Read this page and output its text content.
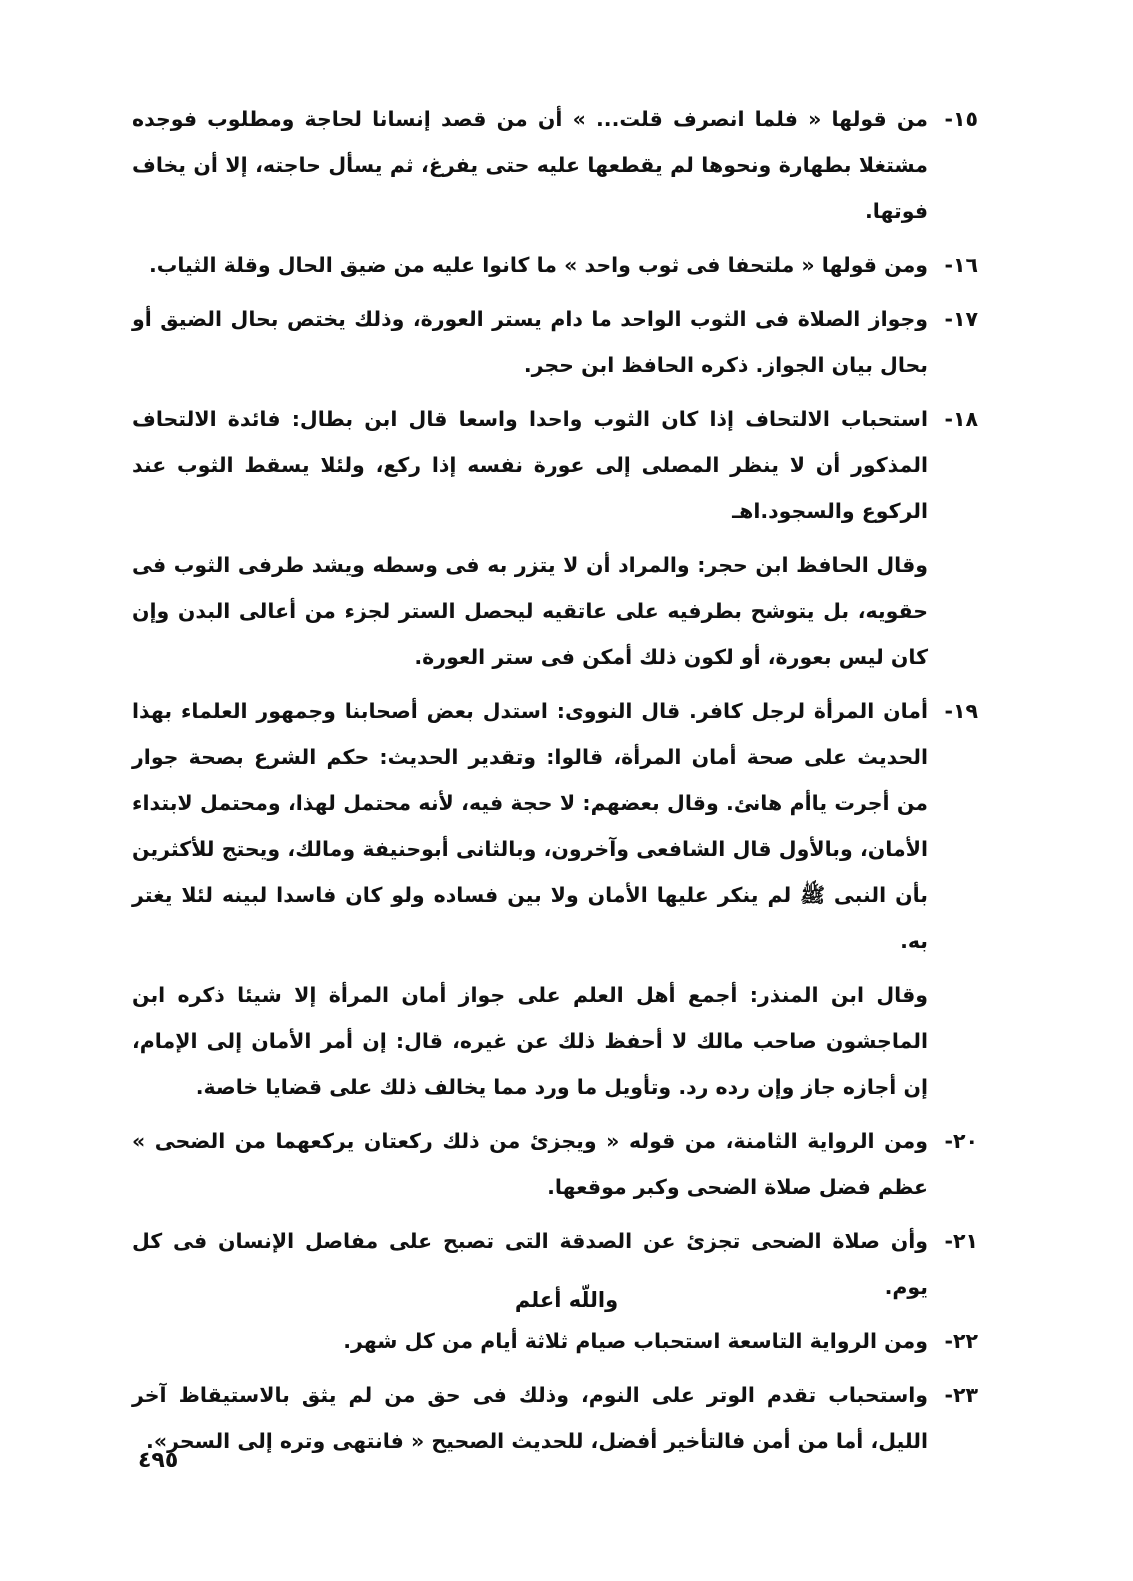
١٥-
من قولها « فلما انصرف قلت... » أن من قصد إنسانا لحاجة ومطلوب فوجده مشتغلا بطهارة ونحوها لم يقطعها عليه حتى يفرغ، ثم يسأل حاجته، إلا أن يخاف فوتها.
١٦-
ومن قولها « ملتحفا فى ثوب واحد » ما كانوا عليه من ضيق الحال وقلة الثياب.
١٧-
وجواز الصلاة فى الثوب الواحد ما دام يستر العورة، وذلك يختص بحال الضيق أو بحال بيان الجواز. ذكره الحافظ ابن حجر.
١٨-
استحباب الالتحاف إذا كان الثوب واحدا واسعا قال ابن بطال: فائدة الالتحاف المذكور أن لا ينظر المصلى إلى عورة نفسه إذا ركع، ولئلا يسقط الثوب عند الركوع والسجود.اهـ
وقال الحافظ ابن حجر: والمراد أن لا يتزر به فى وسطه ويشد طرفى الثوب فى حقويه، بل يتوشح بطرفيه على عاتقيه ليحصل الستر لجزء من أعالى البدن وإن كان ليس بعورة، أو لكون ذلك أمكن فى ستر العورة.
١٩-
أمان المرأة لرجل كافر. قال النووى: استدل بعض أصحابنا وجمهور العلماء بهذا الحديث على صحة أمان المرأة، قالوا: وتقدير الحديث: حكم الشرع بصحة جوار من أجرت ياأم هانئ. وقال بعضهم: لا حجة فيه، لأنه محتمل لهذا، ومحتمل لابتداء الأمان، وبالأول قال الشافعى وآخرون، وبالثانى أبوحنيفة ومالك، ويحتج للأكثرين بأن النبى ﷺ لم ينكر عليها الأمان ولا بين فساده ولو كان فاسدا لبينه لئلا يغتر به.
وقال ابن المنذر: أجمع أهل العلم على جواز أمان المرأة إلا شيئا ذكره ابن الماجشون صاحب مالك لا أحفظ ذلك عن غيره، قال: إن أمر الأمان إلى الإمام، إن أجازه جاز وإن رده رد. وتأويل ما ورد مما يخالف ذلك على قضايا خاصة.
٢٠-
ومن الرواية الثامنة، من قوله « ويجزئ من ذلك ركعتان يركعهما من الضحى » عظم فضل صلاة الضحى وكبر موقعها.
٢١-
وأن صلاة الضحى تجزئ عن الصدقة التى تصبح على مفاصل الإنسان فى كل يوم.
٢٢-
ومن الرواية التاسعة استحباب صيام ثلاثة أيام من كل شهر.
٢٣-
واستحباب تقدم الوتر على النوم، وذلك فى حق من لم يثق بالاستيقاظ آخر الليل، أما من أمن فالتأخير أفضل، للحديث الصحيح « فانتهى وتره إلى السحر».
واللّه أعلم
٤٩٥
